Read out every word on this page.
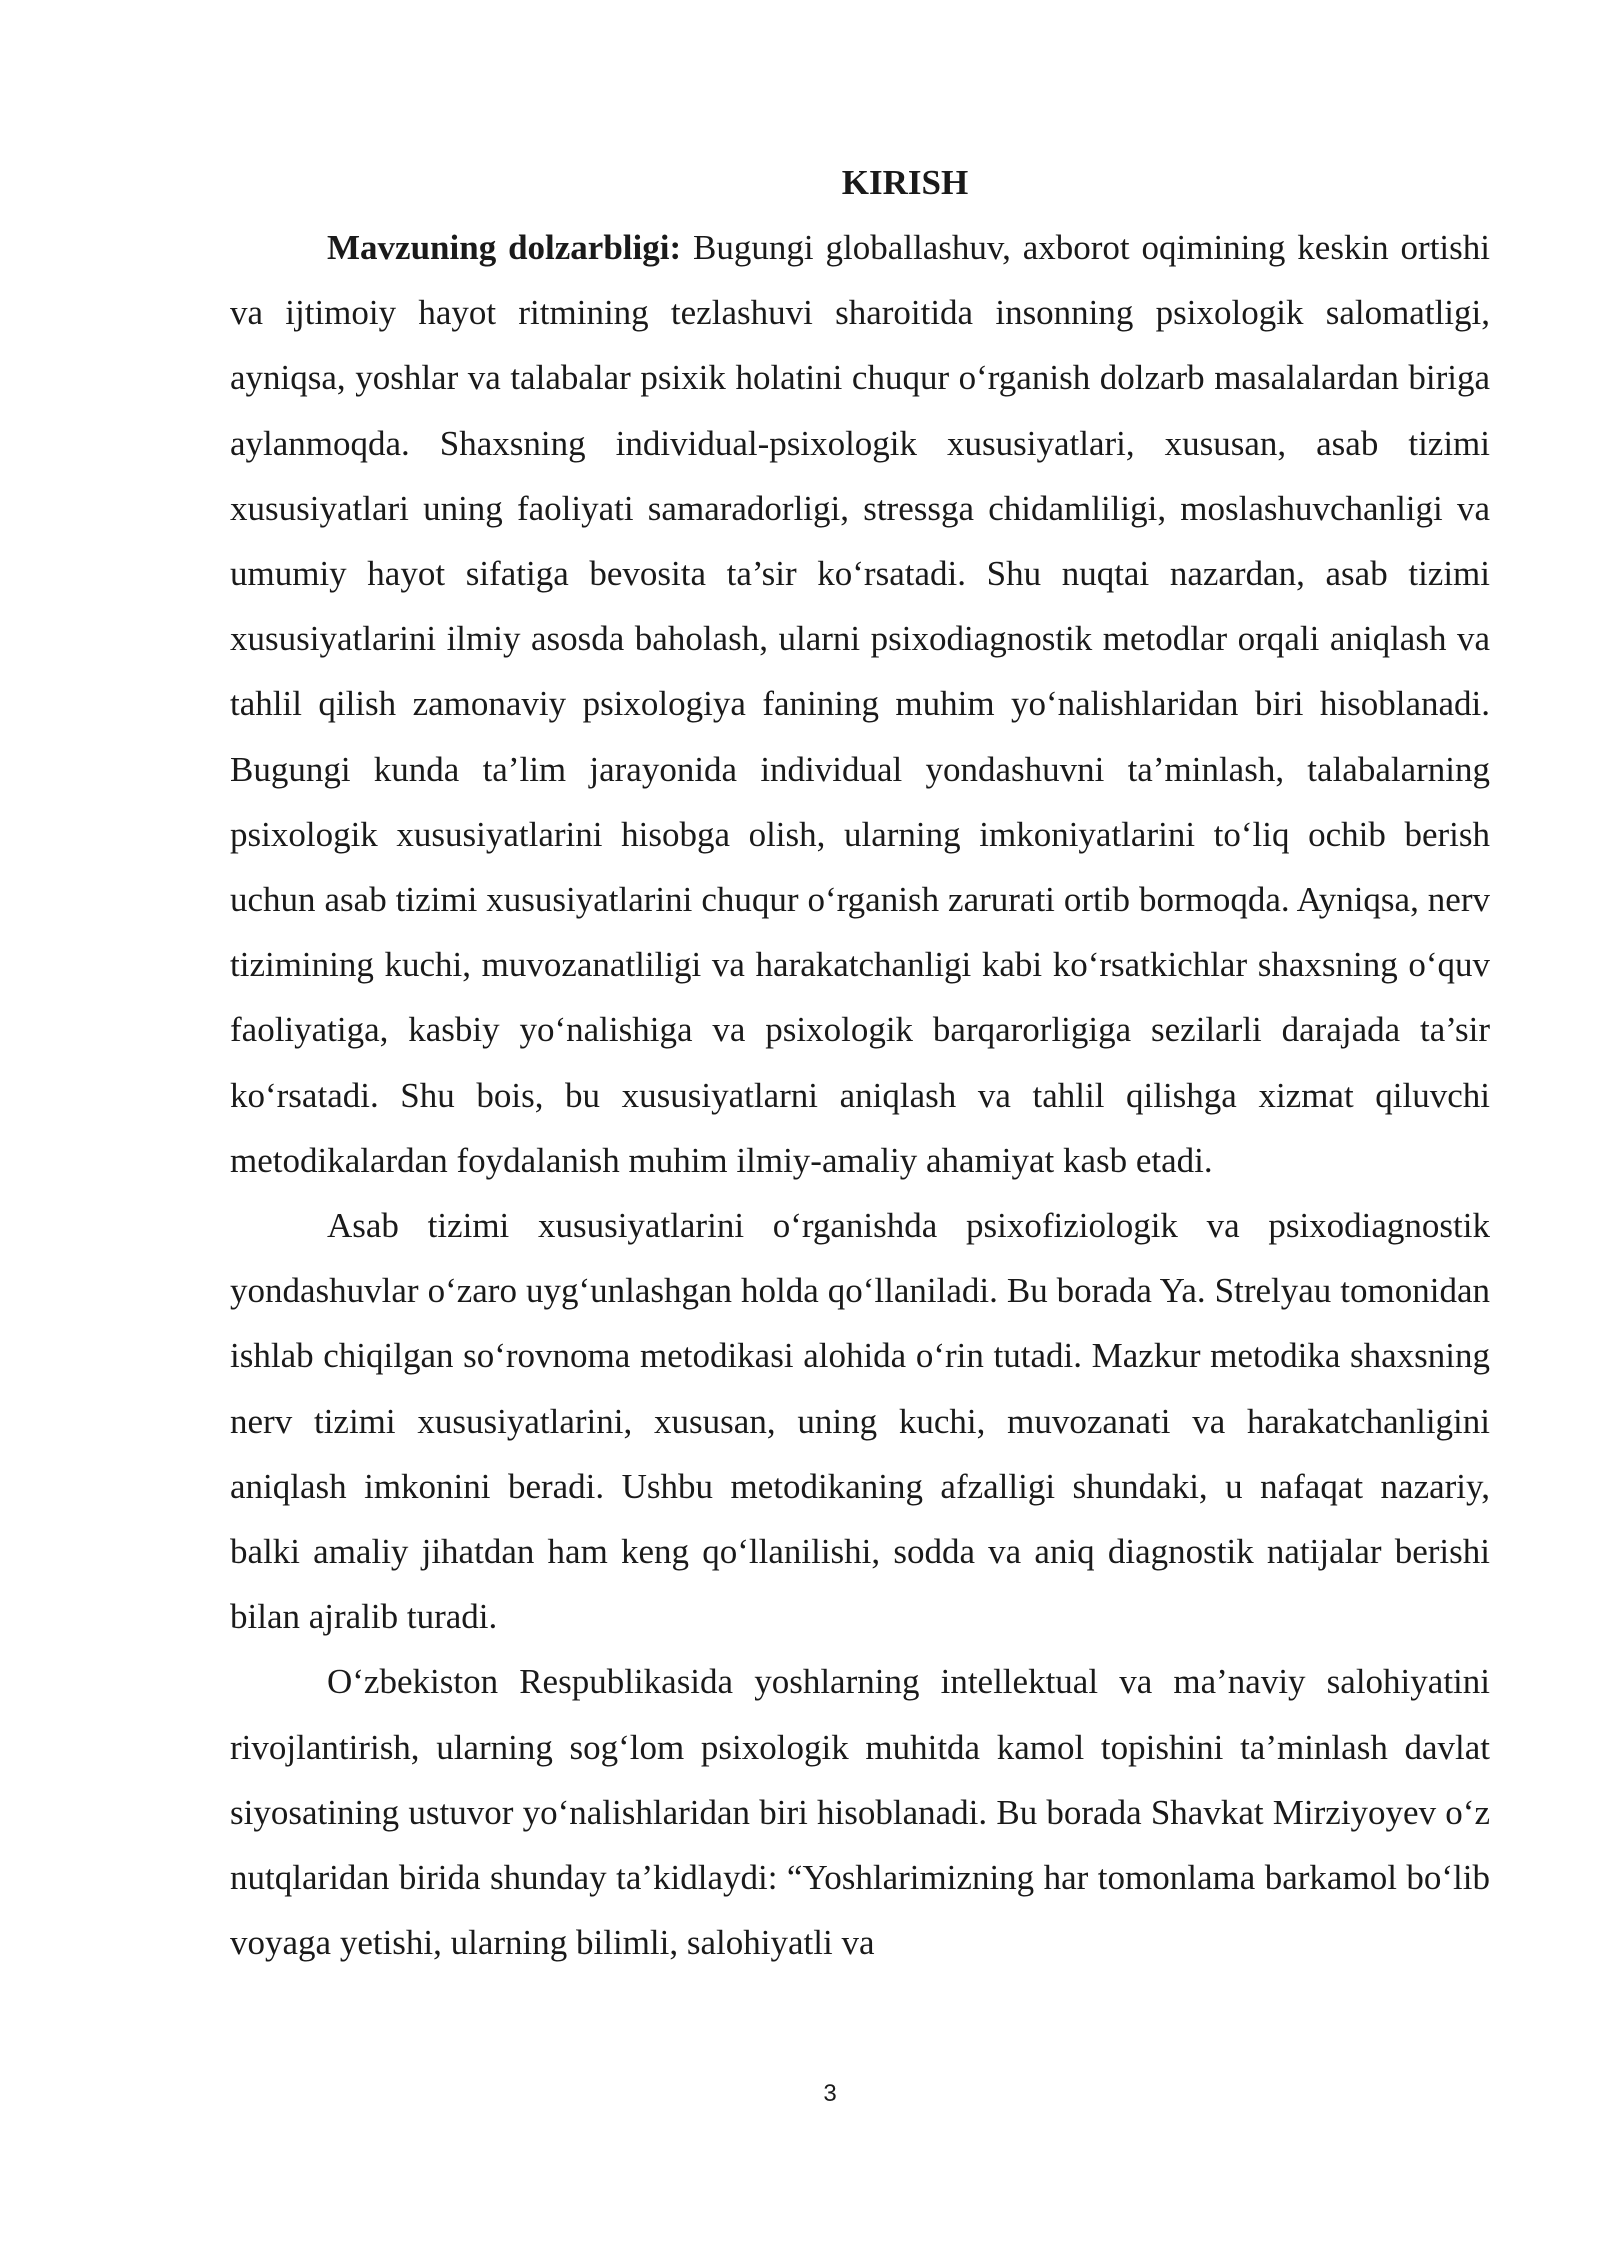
KIRISH

Mavzuning dolzarbligi: Bugungi globallashuv, axborot oqimining keskin ortishi va ijtimoiy hayot ritmining tezlashuvi sharoitida insonning psixologik salomatligi, ayniqsa, yoshlar va talabalar psixik holatini chuqur o‘rganish dolzarb masalalardan biriga aylanmoqda. Shaxsning individual-psixologik xususiyatlari, xususan, asab tizimi xususiyatlari uning faoliyati samaradorligi, stressga chidamliligi, moslashuvchanligi va umumiy hayot sifatiga bevosita ta’sir ko‘rsatadi. Shu nuqtai nazardan, asab tizimi xususiyatlarini ilmiy asosda baholash, ularni psixodiagnostik metodlar orqali aniqlash va tahlil qilish zamonaviy psixologiya fanining muhim yo‘nalishlaridan biri hisoblanadi. Bugungi kunda ta’lim jarayonida individual yondashuvni ta’minlash, talabalarning psixologik xususiyatlarini hisobga olish, ularning imkoniyatlarini to‘liq ochib berish uchun asab tizimi xususiyatlarini chuqur o‘rganish zarurati ortib bormoqda. Ayniqsa, nerv tizimining kuchi, muvozanatliligi va harakatchanligi kabi ko‘rsatkichlar shaxsning o‘quv faoliyatiga, kasbiy yo‘nalishiga va psixologik barqarorligiga sezilarli darajada ta’sir ko‘rsatadi. Shu bois, bu xususiyatlarni aniqlash va tahlil qilishga xizmat qiluvchi metodikalardan foydalanish muhim ilmiy-amaliy ahamiyat kasb etadi.

Asab tizimi xususiyatlarini o‘rganishda psixofiziologik va psixodiagnostik yondashuvlar o‘zaro uyg‘unlashgan holda qo‘llaniladi. Bu borada Ya. Strelyau tomonidan ishlab chiqilgan so‘rovnoma metodikasi alohida o‘rin tutadi. Mazkur metodika shaxsning nerv tizimi xususiyatlarini, xususan, uning kuchi, muvozanati va harakatchanligini aniqlash imkonini beradi. Ushbu metodikaning afzalligi shundaki, u nafaqat nazariy, balki amaliy jihatdan ham keng qo‘llanilishi, sodda va aniq diagnostik natijalar berishi bilan ajralib turadi.

O‘zbekiston Respublikasida yoshlarning intellektual va ma’naviy salohiyatini rivojlantirish, ularning sog‘lom psixologik muhitda kamol topishini ta’minlash davlat siyosatining ustuvor yo‘nalishlaridan biri hisoblanadi. Bu borada Shavkat Mirziyoyev o‘z nutqlaridan birida shunday ta’kidlaydi: “Yoshlarimizning har tomonlama barkamol bo‘lib voyaga yetishi, ularning bilimli, salohiyatli va

3
